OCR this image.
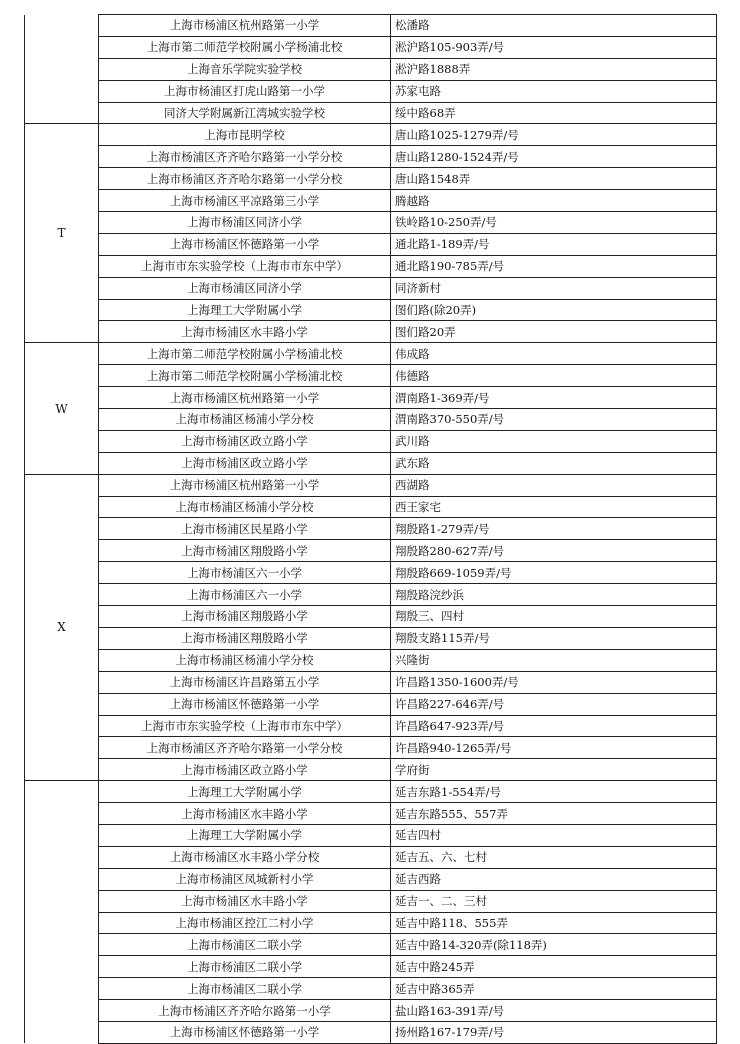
	上海市杨浦区杭州路第一小学	松潘路
	上海市第二师范学校附属小学杨浦北校	淞沪路105-903弄/号
	上海音乐学院实验学校	淞沪路1888弄
	上海市杨浦区打虎山路第一小学	苏家屯路
	同济大学附属新江湾城实验学校	绥中路68弄
T	上海市昆明学校	唐山路1025-1279弄/号
	上海市杨浦区齐齐哈尔路第一小学分校	唐山路1280-1524弄/号
	上海市杨浦区齐齐哈尔路第一小学分校	唐山路1548弄
	上海市杨浦区平凉路第三小学	腾越路
	上海市杨浦区同济小学	铁岭路10-250弄/号
	上海市杨浦区怀德路第一小学	通北路1-189弄/号
	上海市市东实验学校（上海市市东中学）	通北路190-785弄/号
	上海市杨浦区同济小学	同济新村
	上海理工大学附属小学	图们路(除20弄)
	上海市杨浦区水丰路小学	图们路20弄
W	上海市第二师范学校附属小学杨浦北校	伟成路
	上海市第二师范学校附属小学杨浦北校	伟德路
	上海市杨浦区杭州路第一小学	渭南路1-369弄/号
	上海市杨浦区杨浦小学分校	渭南路370-550弄/号
	上海市杨浦区政立路小学	武川路
	上海市杨浦区政立路小学	武东路
X	上海市杨浦区杭州路第一小学	西湖路
	上海市杨浦区杨浦小学分校	西王家宅
	上海市杨浦区民星路小学	翔殷路1-279弄/号
	上海市杨浦区翔殷路小学	翔殷路280-627弄/号
	上海市杨浦区六一小学	翔殷路669-1059弄/号
	上海市杨浦区六一小学	翔殷路浣纱浜
	上海市杨浦区翔殷路小学	翔殷三、四村
	上海市杨浦区翔殷路小学	翔殷支路115弄/号
	上海市杨浦区杨浦小学分校	兴隆街
	上海市杨浦区许昌路第五小学	许昌路1350-1600弄/号
	上海市杨浦区怀德路第一小学	许昌路227-646弄/号
	上海市市东实验学校（上海市市东中学）	许昌路647-923弄/号
	上海市杨浦区齐齐哈尔路第一小学分校	许昌路940-1265弄/号
	上海市杨浦区政立路小学	学府街
	上海理工大学附属小学	延吉东路1-554弄/号
	上海市杨浦区水丰路小学	延吉东路555、557弄
	上海理工大学附属小学	延吉四村
	上海市杨浦区水丰路小学分校	延吉五、六、七村
	上海市杨浦区凤城新村小学	延吉西路
	上海市杨浦区水丰路小学	延吉一、二、三村
	上海市杨浦区控江二村小学	延吉中路118、555弄
	上海市杨浦区二联小学	延吉中路14-320弄(除118弄)
	上海市杨浦区二联小学	延吉中路245弄
	上海市杨浦区二联小学	延吉中路365弄
	上海市杨浦区齐齐哈尔路第一小学	盐山路163-391弄/号
	上海市杨浦区怀德路第一小学	扬州路167-179弄/号
